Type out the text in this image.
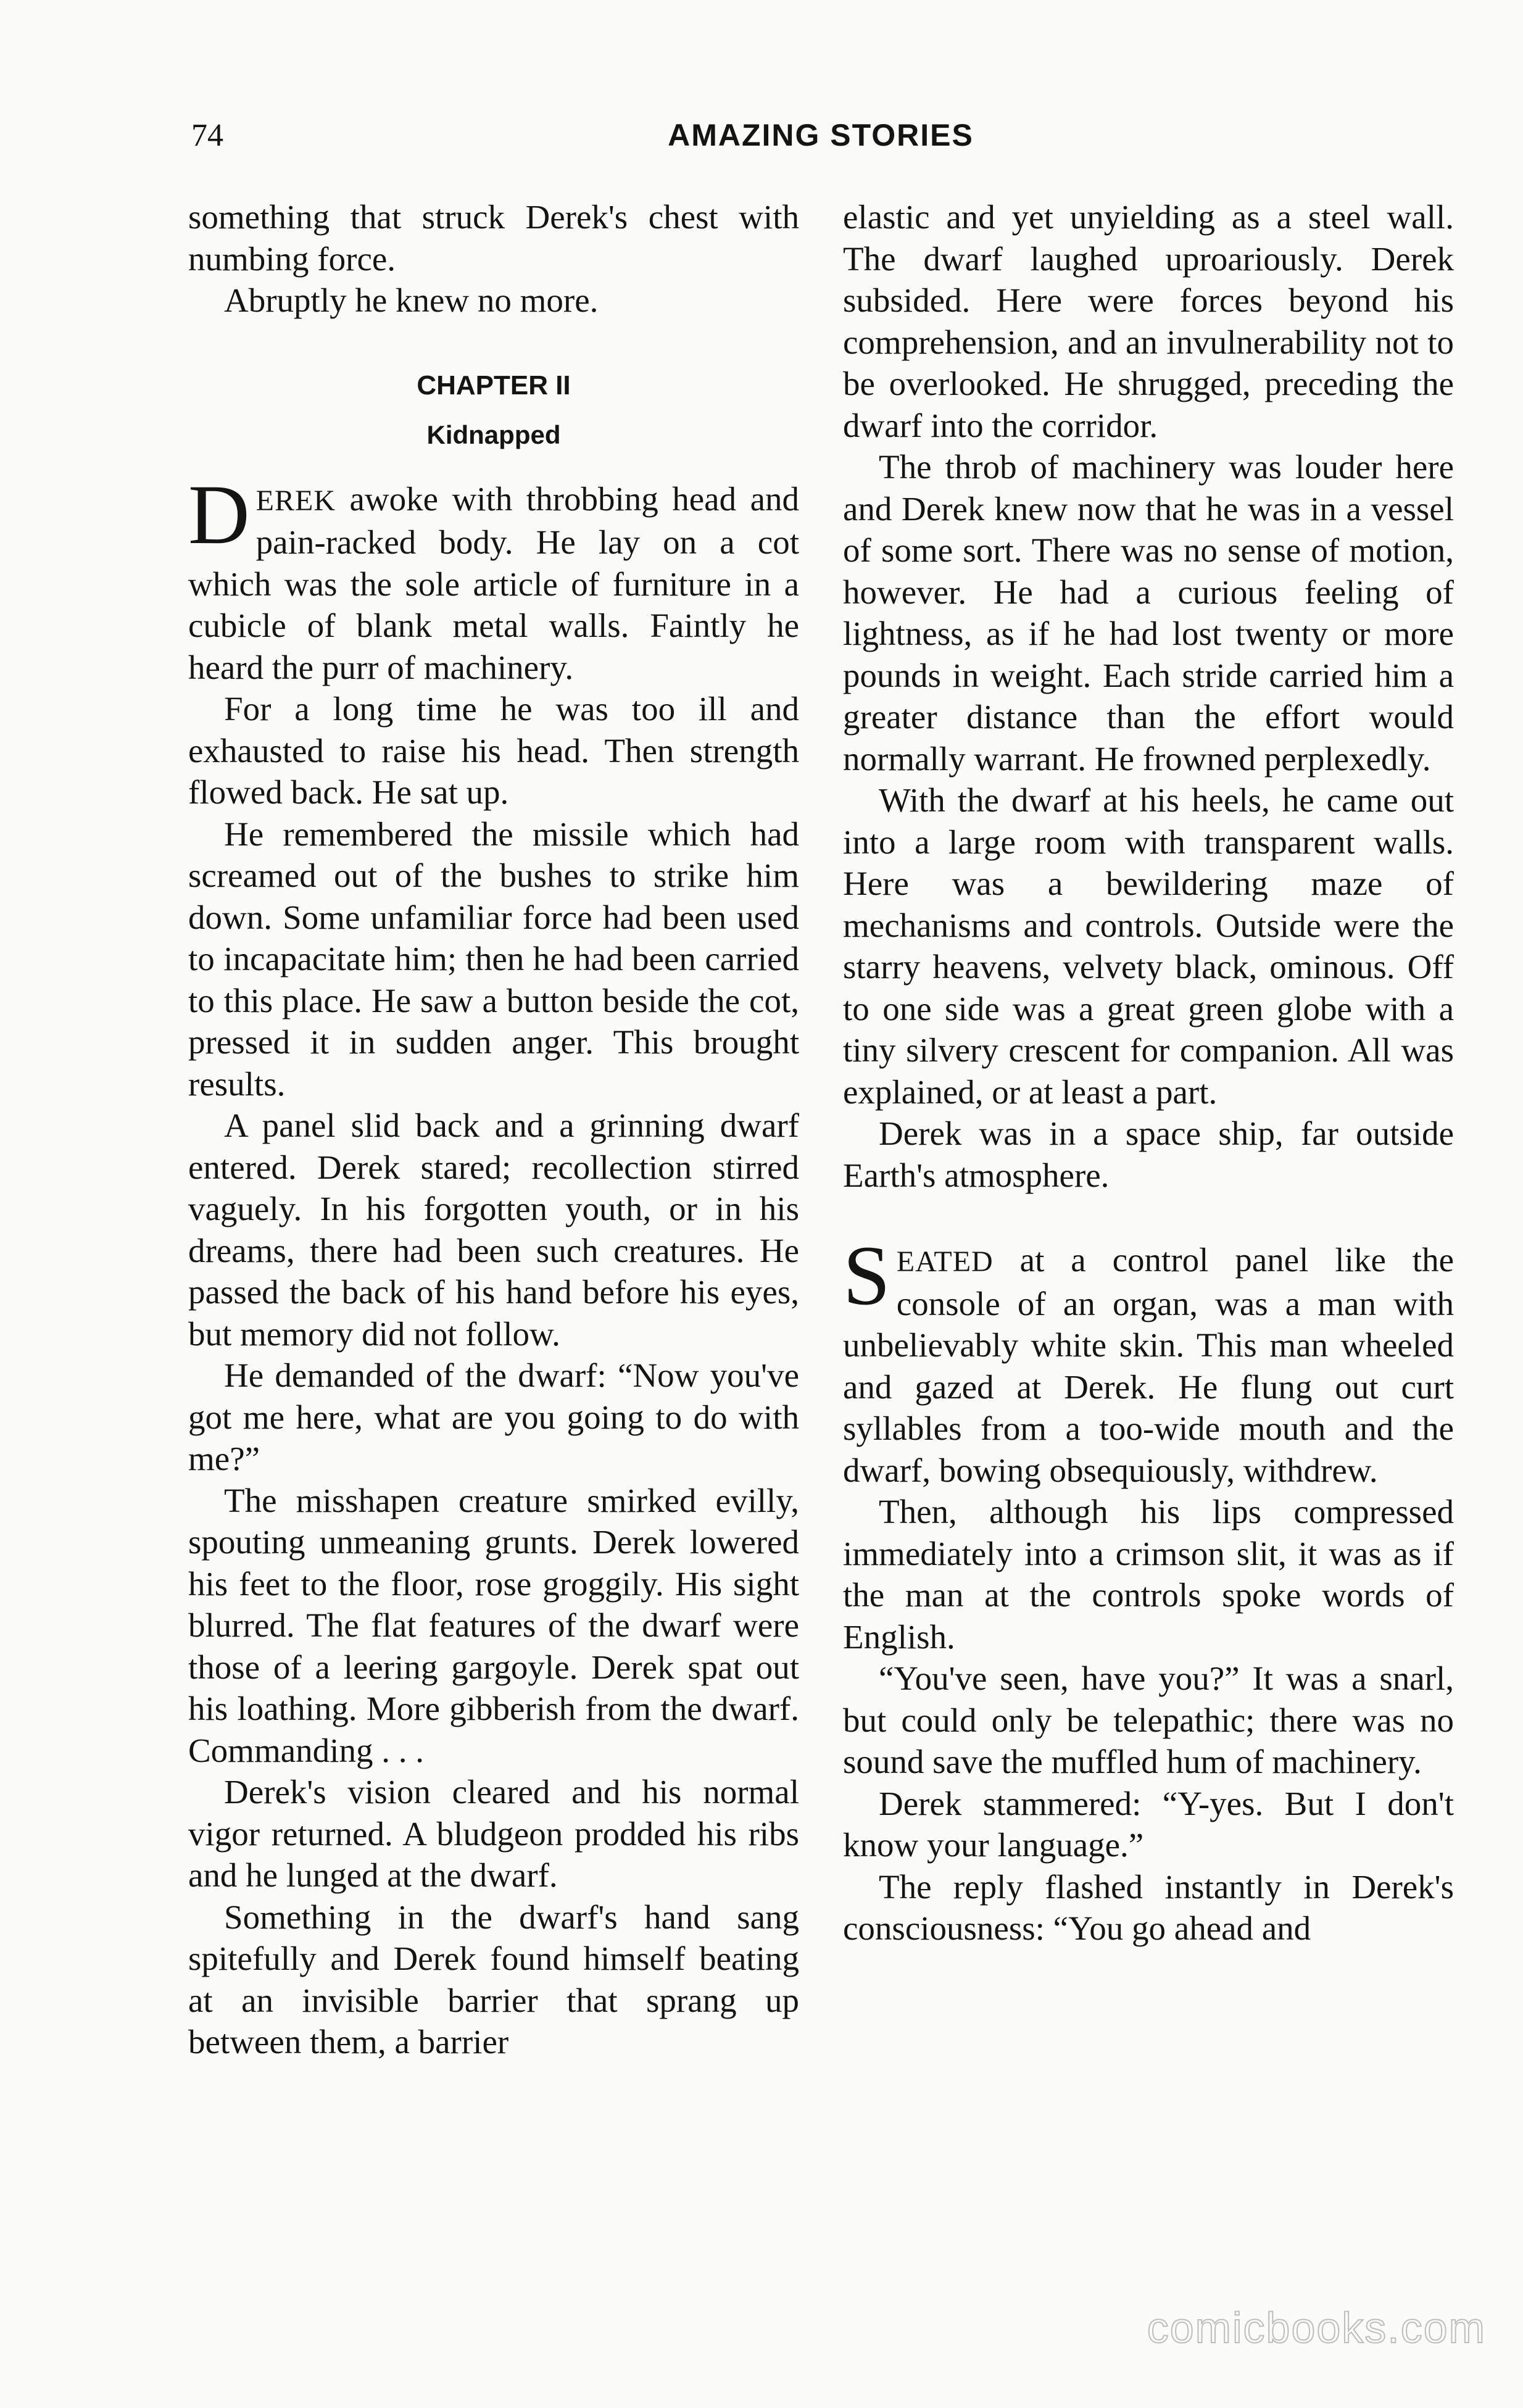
74	AMAZING STORIES

something that struck Derek's chest with numbing force.

Abruptly he knew no more.

CHAPTER II
Kidnapped

DEREK awoke with throbbing head and pain-racked body. He lay on a cot which was the sole article of furniture in a cubicle of blank metal walls. Faintly he heard the purr of machinery.

For a long time he was too ill and exhausted to raise his head. Then strength flowed back. He sat up.

He remembered the missile which had screamed out of the bushes to strike him down. Some unfamiliar force had been used to incapacitate him; then he had been carried to this place. He saw a button beside the cot, pressed it in sudden anger. This brought results.

A panel slid back and a grinning dwarf entered. Derek stared; recollection stirred vaguely. In his forgotten youth, or in his dreams, there had been such creatures. He passed the back of his hand before his eyes, but memory did not follow.

He demanded of the dwarf: “Now you've got me here, what are you going to do with me?”

The misshapen creature smirked evilly, spouting unmeaning grunts. Derek lowered his feet to the floor, rose groggily. His sight blurred. The flat features of the dwarf were those of a leering gargoyle. Derek spat out his loathing. More gibberish from the dwarf. Commanding . . .

Derek's vision cleared and his normal vigor returned. A bludgeon prodded his ribs and he lunged at the dwarf.

Something in the dwarf's hand sang spitefully and Derek found himself beating at an invisible barrier that sprang up between them, a barrier

elastic and yet unyielding as a steel wall. The dwarf laughed uproariously. Derek subsided. Here were forces beyond his comprehension, and an invulnerability not to be overlooked. He shrugged, preceding the dwarf into the corridor.

The throb of machinery was louder here and Derek knew now that he was in a vessel of some sort. There was no sense of motion, however. He had a curious feeling of lightness, as if he had lost twenty or more pounds in weight. Each stride carried him a greater distance than the effort would normally warrant. He frowned perplexedly.

With the dwarf at his heels, he came out into a large room with transparent walls. Here was a bewildering maze of mechanisms and controls. Outside were the starry heavens, velvety black, ominous. Off to one side was a great green globe with a tiny silvery crescent for companion. All was explained, or at least a part.

Derek was in a space ship, far outside Earth's atmosphere.

SEATED at a control panel like the console of an organ, was a man with unbelievably white skin. This man wheeled and gazed at Derek. He flung out curt syllables from a too-wide mouth and the dwarf, bowing obsequiously, withdrew.

Then, although his lips compressed immediately into a crimson slit, it was as if the man at the controls spoke words of English.

“You've seen, have you?” It was a snarl, but could only be telepathic; there was no sound save the muffled hum of machinery.

Derek stammered: “Y-yes. But I don't know your language.”

The reply flashed instantly in Derek's consciousness: “You go ahead and

comicbooks.com
